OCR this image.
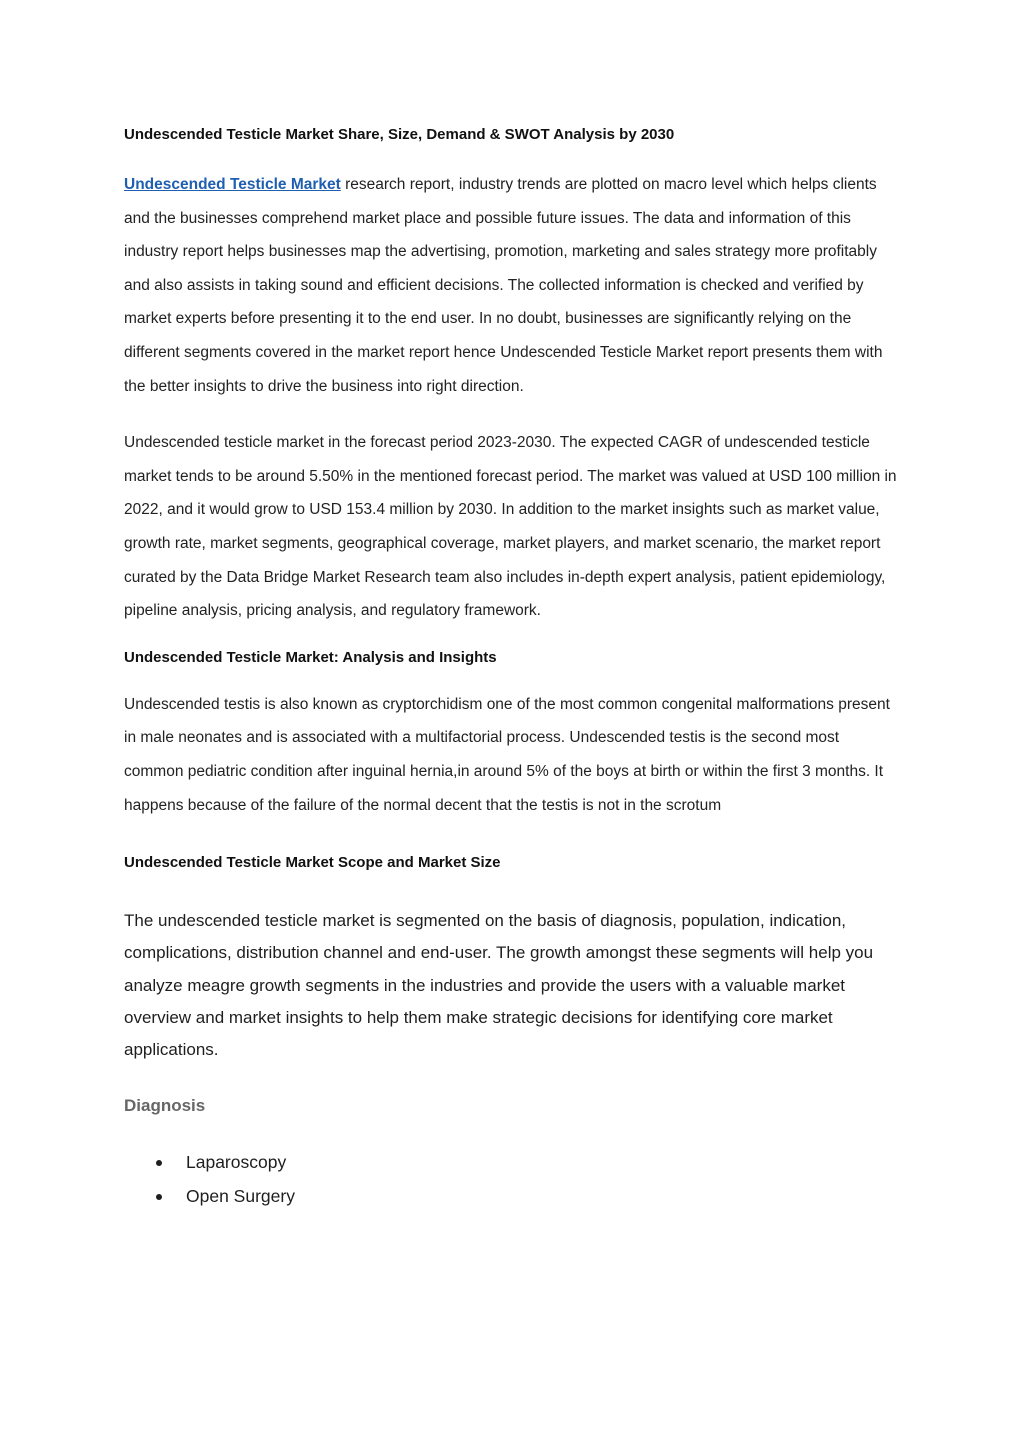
Undescended Testicle Market Share, Size, Demand & SWOT Analysis by 2030

Undescended Testicle Market research report, industry trends are plotted on macro level which helps clients and the businesses comprehend market place and possible future issues. The data and information of this industry report helps businesses map the advertising, promotion, marketing and sales strategy more profitably and also assists in taking sound and efficient decisions. The collected information is checked and verified by market experts before presenting it to the end user. In no doubt, businesses are significantly relying on the different segments covered in the market report hence Undescended Testicle Market report presents them with the better insights to drive the business into right direction.

Undescended testicle market in the forecast period 2023-2030. The expected CAGR of undescended testicle market tends to be around 5.50% in the mentioned forecast period. The market was valued at USD 100 million in 2022, and it would grow to USD 153.4 million by 2030. In addition to the market insights such as market value, growth rate, market segments, geographical coverage, market players, and market scenario, the market report curated by the Data Bridge Market Research team also includes in-depth expert analysis, patient epidemiology, pipeline analysis, pricing analysis, and regulatory framework.

Undescended Testicle Market: Analysis and Insights

Undescended testis is also known as cryptorchidism one of the most common congenital malformations present in male neonates and is associated with a multifactorial process. Undescended testis is the second most common pediatric condition after inguinal hernia,in around 5% of the boys at birth or within the first 3 months. It happens because of the failure of the normal decent that the testis is not in the scrotum

Undescended Testicle Market Scope and Market Size

The undescended testicle market is segmented on the basis of diagnosis, population, indication, complications, distribution channel and end-user. The growth amongst these segments will help you analyze meagre growth segments in the industries and provide the users with a valuable market overview and market insights to help them make strategic decisions for identifying core market applications.

Diagnosis
Laparoscopy
Open Surgery
